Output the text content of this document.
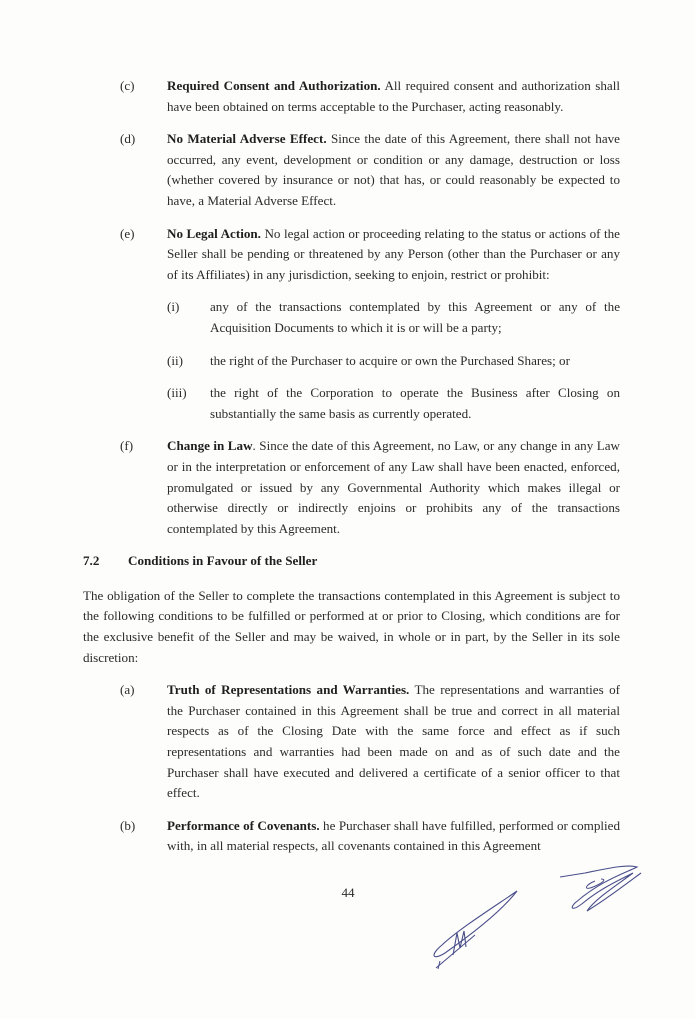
(c) Required Consent and Authorization. All required consent and authorization shall have been obtained on terms acceptable to the Purchaser, acting reasonably.
(d) No Material Adverse Effect. Since the date of this Agreement, there shall not have occurred, any event, development or condition or any damage, destruction or loss (whether covered by insurance or not) that has, or could reasonably be expected to have, a Material Adverse Effect.
(e) No Legal Action. No legal action or proceeding relating to the status or actions of the Seller shall be pending or threatened by any Person (other than the Purchaser or any of its Affiliates) in any jurisdiction, seeking to enjoin, restrict or prohibit:
(i) any of the transactions contemplated by this Agreement or any of the Acquisition Documents to which it is or will be a party;
(ii) the right of the Purchaser to acquire or own the Purchased Shares; or
(iii) the right of the Corporation to operate the Business after Closing on substantially the same basis as currently operated.
(f)	Change in Law. Since the date of this Agreement, no Law, or any change in any Law or in the interpretation or enforcement of any Law shall have been enacted, enforced, promulgated or issued by any Governmental Authority which makes illegal or otherwise directly or indirectly enjoins or prohibits any of the transactions contemplated by this Agreement.
7.2 Conditions in Favour of the Seller
The obligation of the Seller to complete the transactions contemplated in this Agreement is subject to the following conditions to be fulfilled or performed at or prior to Closing, which conditions are for the exclusive benefit of the Seller and may be waived, in whole or in part, by the Seller in its sole discretion:
(a) Truth of Representations and Warranties. The representations and warranties of the Purchaser contained in this Agreement shall be true and correct in all material respects as of the Closing Date with the same force and effect as if such representations and warranties had been made on and as of such date and the Purchaser shall have executed and delivered a certificate of a senior officer to that effect.
(b) Performance of Covenants. he Purchaser shall have fulfilled, performed or complied with, in all material respects, all covenants contained in this Agreement
44
